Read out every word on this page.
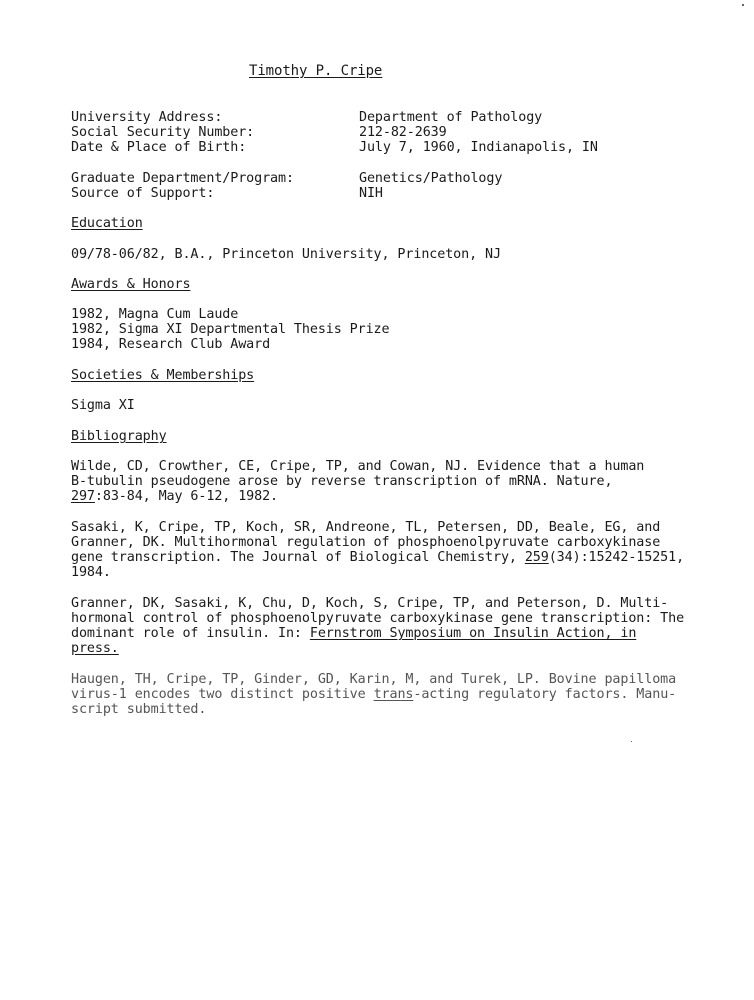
Timothy P. Cripe
University Address:	Department of Pathology
Social Security Number:	212-82-2639
Date & Place of Birth:	July 7, 1960, Indianapolis, IN
Graduate Department/Program:	Genetics/Pathology
Source of Support:	NIH
Education
09/78-06/82, B.A., Princeton University, Princeton, NJ
Awards & Honors
1982, Magna Cum Laude
1982, Sigma XI Departmental Thesis Prize
1984, Research Club Award
Societies & Memberships
Sigma XI
Bibliography
Wilde, CD, Crowther, CE, Cripe, TP, and Cowan, NJ. Evidence that a human
B-tubulin pseudogene arose by reverse transcription of mRNA. Nature,
297:83-84, May 6-12, 1982.
Sasaki, K, Cripe, TP, Koch, SR, Andreone, TL, Petersen, DD, Beale, EG, and
Granner, DK. Multihormonal regulation of phosphoenolpyruvate carboxykinase
gene transcription. The Journal of Biological Chemistry, 259(34):15242-15251,
1984.
Granner, DK, Sasaki, K, Chu, D, Koch, S, Cripe, TP, and Peterson, D. Multi-
hormonal control of phosphoenolpyruvate carboxykinase gene transcription: The
dominant role of insulin. In: Fernstrom Symposium on Insulin Action, in
press.
Haugen, TH, Cripe, TP, Ginder, GD, Karin, M, and Turek, LP. Bovine papilloma
virus-1 encodes two distinct positive trans-acting regulatory factors. Manu-
script submitted.
